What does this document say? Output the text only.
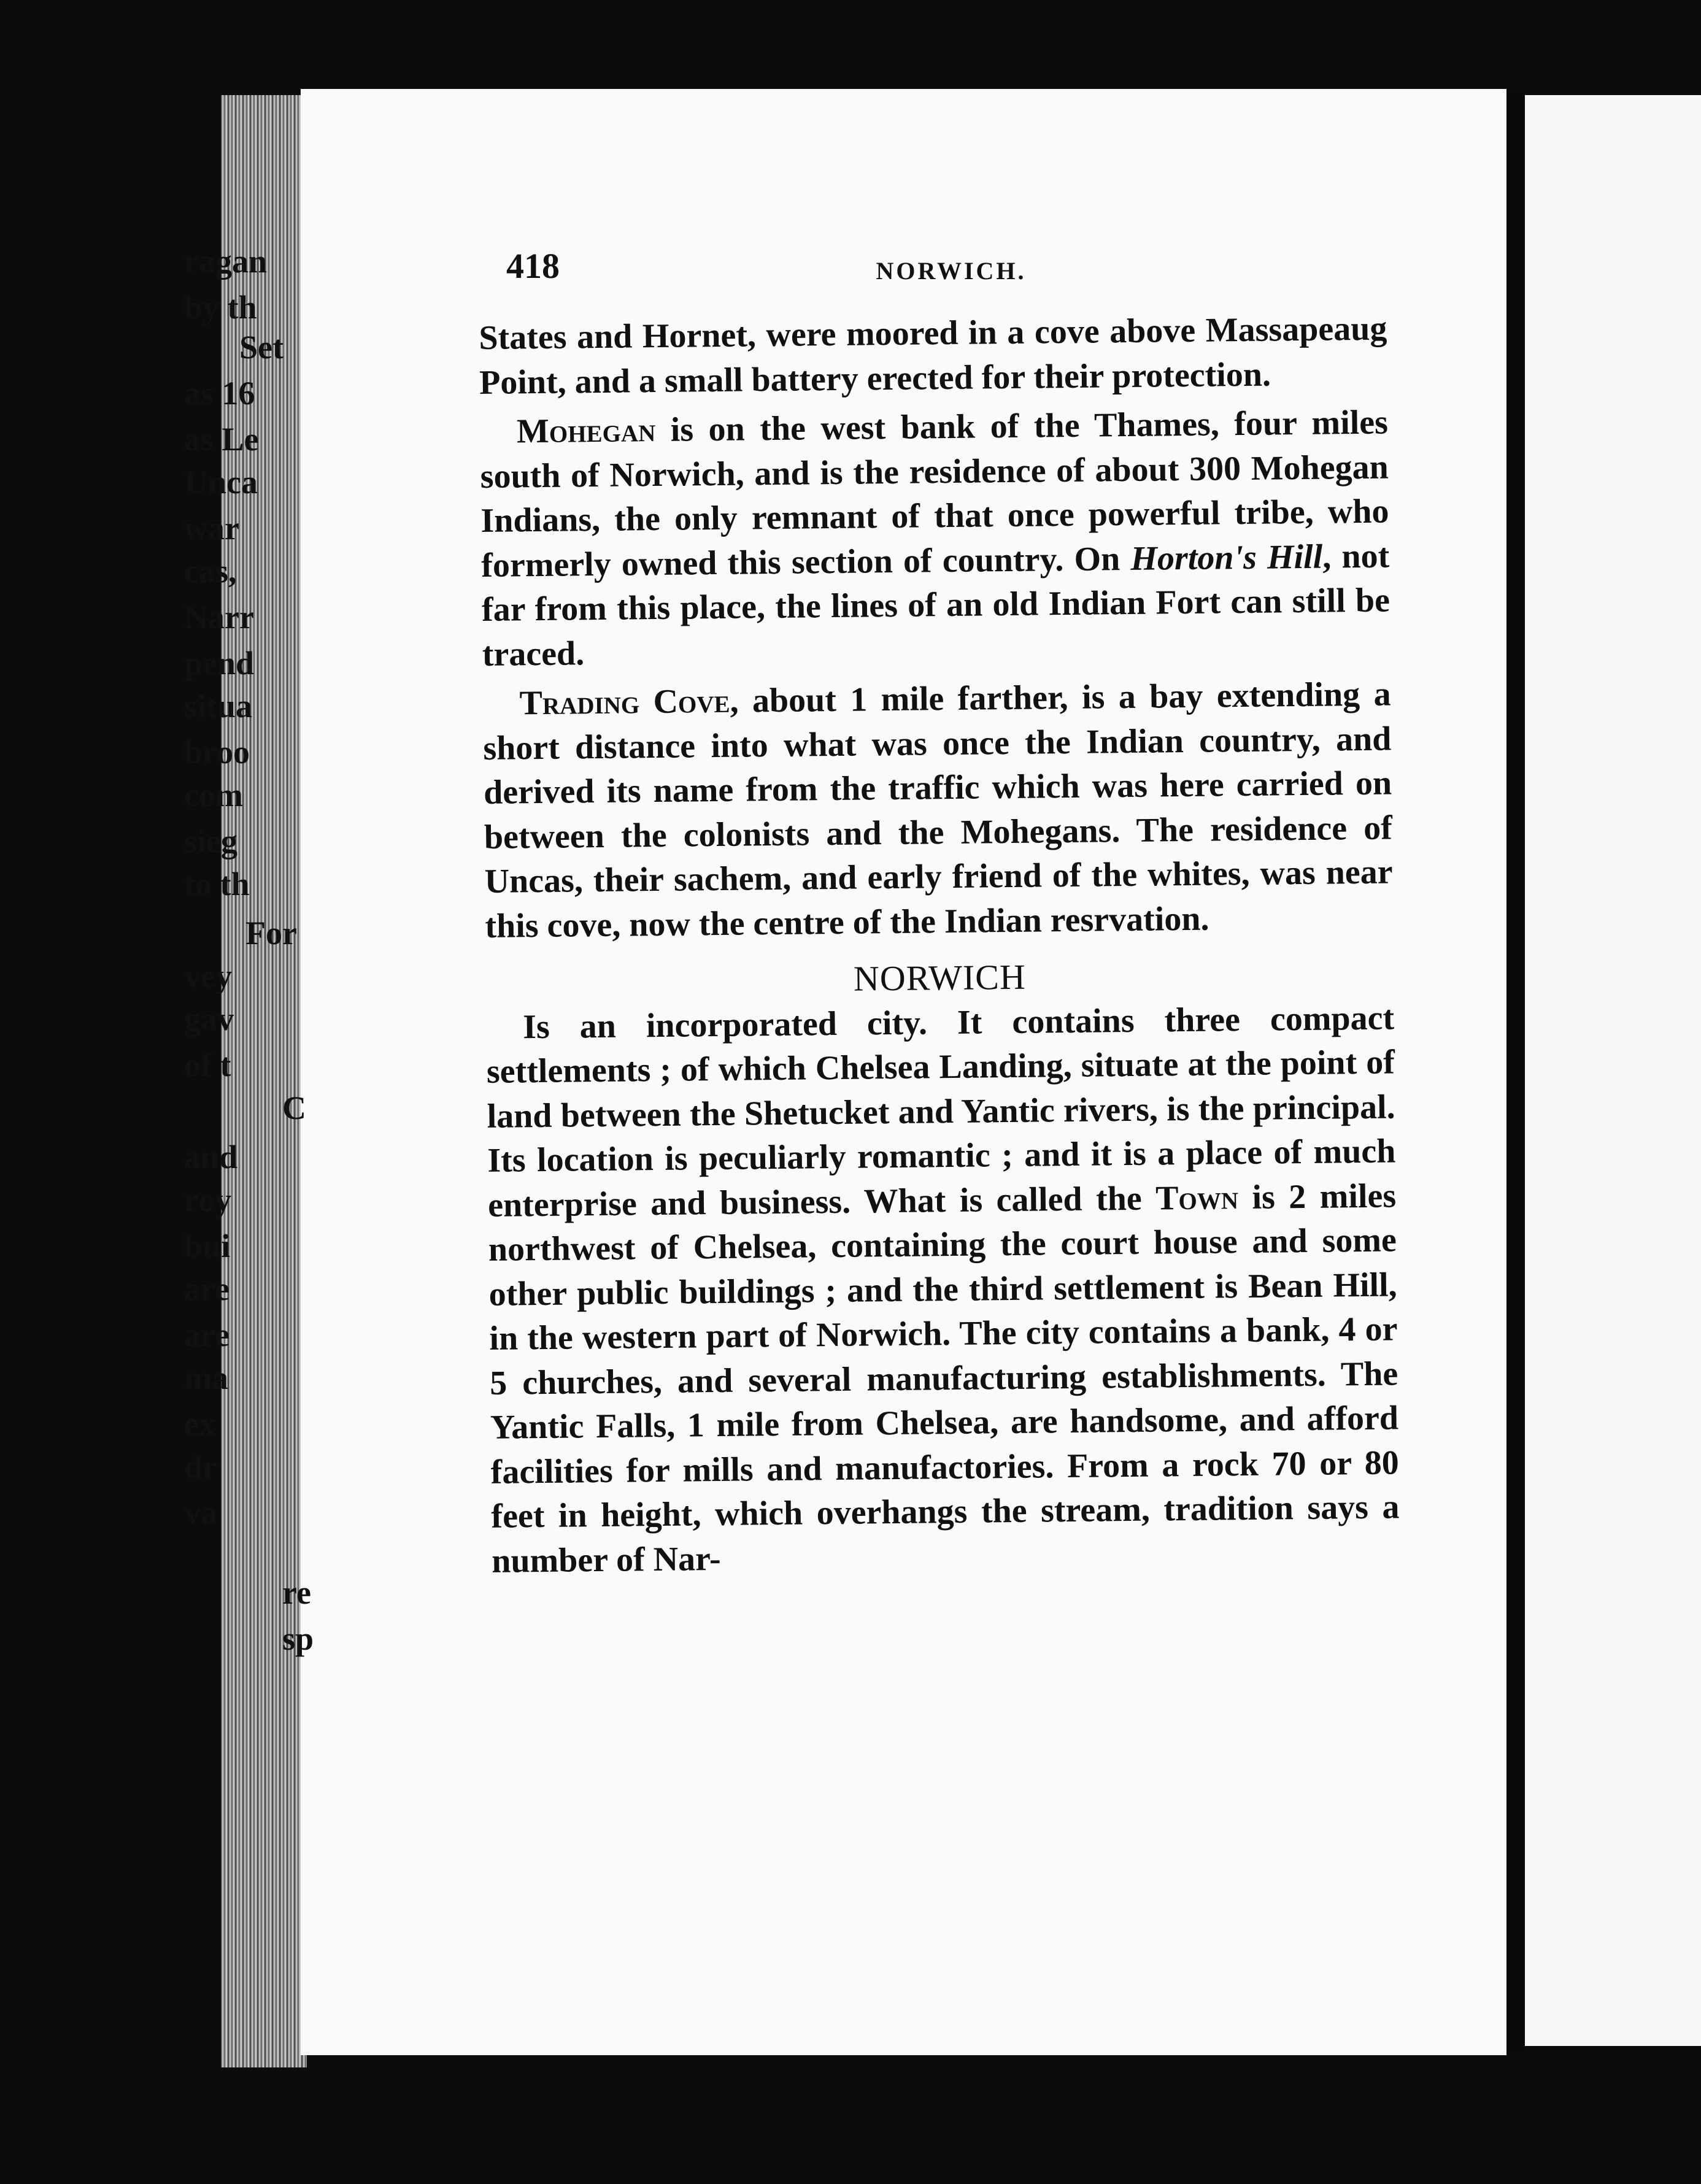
ragan
by th
Set
as 16
as Le
Unca
war
cas,
Narr
pend
situa
broo
com
sieg
to th
For
vey
gav
of t
C
and
roy
bui
are
are
ma
ex
dr
va
re
sp
418	NORWICH.

States and Hornet, were moored in a cove above Massapeaug Point, and a small battery erected for their protection.

Mohegan is on the west bank of the Thames, four miles south of Norwich, and is the residence of about 300 Mohegan Indians, the only remnant of that once powerful tribe, who formerly owned this section of country. On Horton's Hill, not far from this place, the lines of an old Indian Fort can still be traced.

Trading Cove, about 1 mile farther, is a bay extending a short distance into what was once the Indian country, and derived its name from the traffic which was here carried on between the colonists and the Mohegans. The residence of Uncas, their sachem, and early friend of the whites, was near this cove, now the centre of the Indian resrvation.

NORWICH

Is an incorporated city. It contains three compact settlements ; of which Chelsea Landing, situate at the point of land between the Shetucket and Yantic rivers, is the principal. Its location is peculiarly romantic ; and it is a place of much enterprise and business. What is called the Town is 2 miles northwest of Chelsea, containing the court house and some other public buildings ; and the third settlement is Bean Hill, in the western part of Norwich. The city contains a bank, 4 or 5 churches, and several manufacturing establishments. The Yantic Falls, 1 mile from Chelsea, are handsome, and afford facilities for mills and manufactories. From a rock 70 or 80 feet in height, which overhangs the stream, tradition says a number of Nar-
